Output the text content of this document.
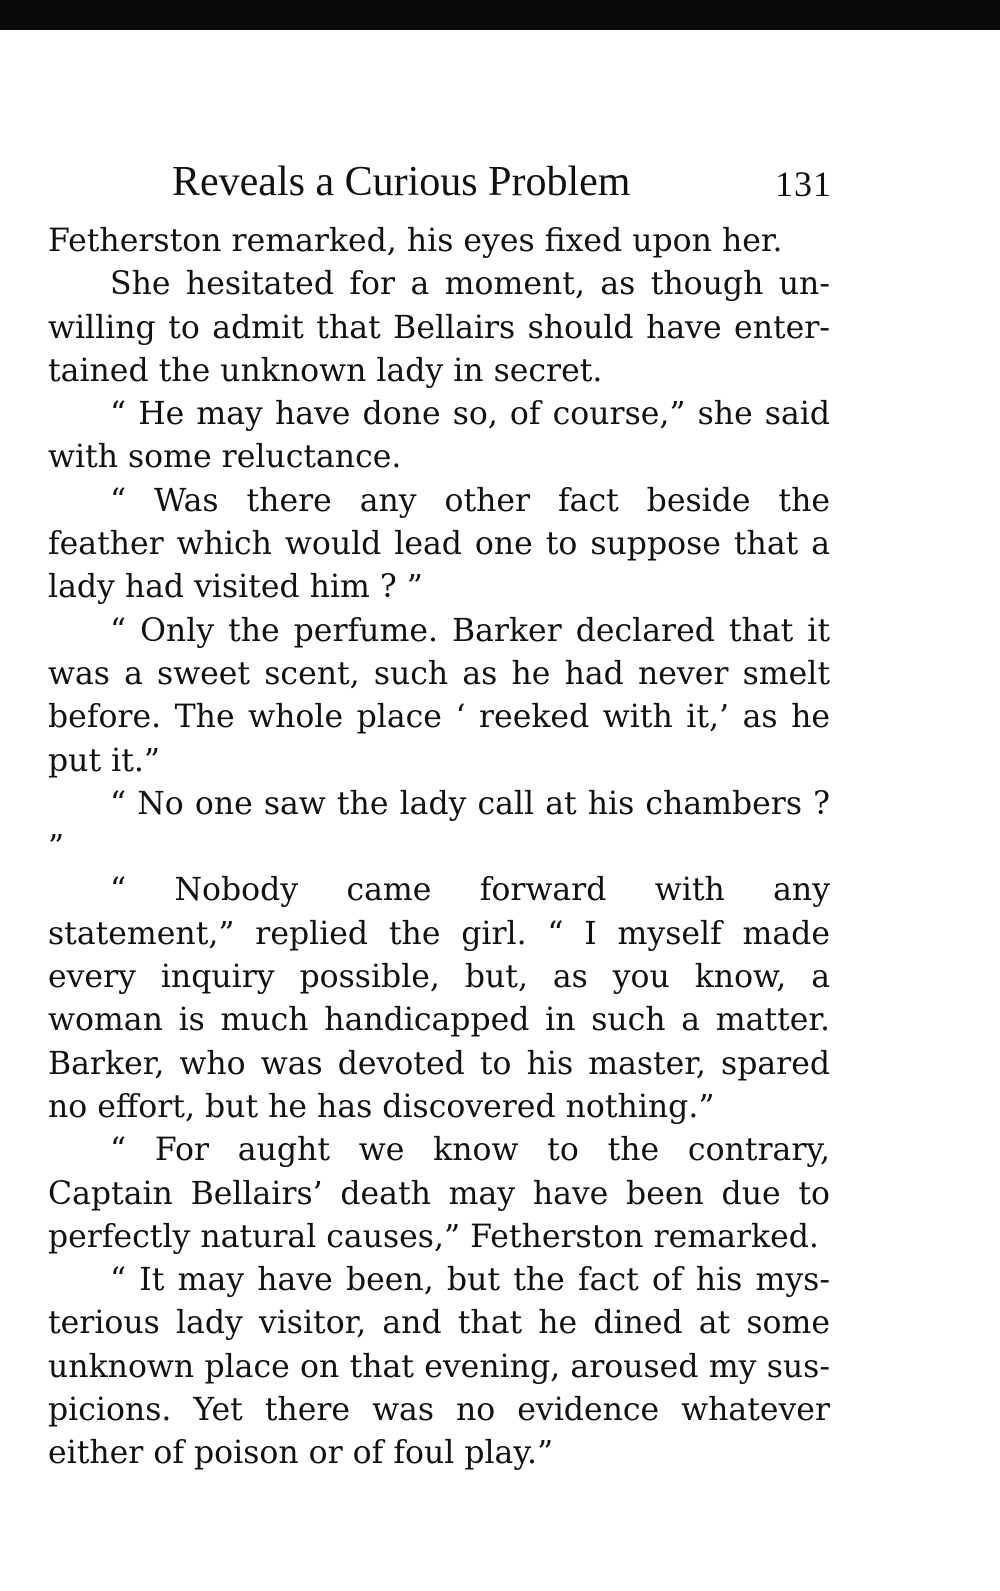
Reveals a Curious Problem	131

Fetherston remarked, his eyes fixed upon her.

She hesitated for a moment, as though unwilling to admit that Bellairs should have entertained the unknown lady in secret.

“ He may have done so, of course,” she said with some reluctance.

“ Was there any other fact beside the feather which would lead one to suppose that a lady had visited him ? ”

“ Only the perfume. Barker declared that it was a sweet scent, such as he had never smelt before. The whole place ‘ reeked with it,’ as he put it.”

“ No one saw the lady call at his chambers ? ”

“ Nobody came forward with any statement,” replied the girl. “ I myself made every inquiry possible, but, as you know, a woman is much handicapped in such a matter. Barker, who was devoted to his master, spared no effort, but he has discovered nothing.”

“ For aught we know to the contrary, Captain Bellairs’ death may have been due to perfectly natural causes,” Fetherston remarked.

“ It may have been, but the fact of his mysterious lady visitor, and that he dined at some unknown place on that evening, aroused my suspicions. Yet there was no evidence whatever either of poison or of foul play.”
